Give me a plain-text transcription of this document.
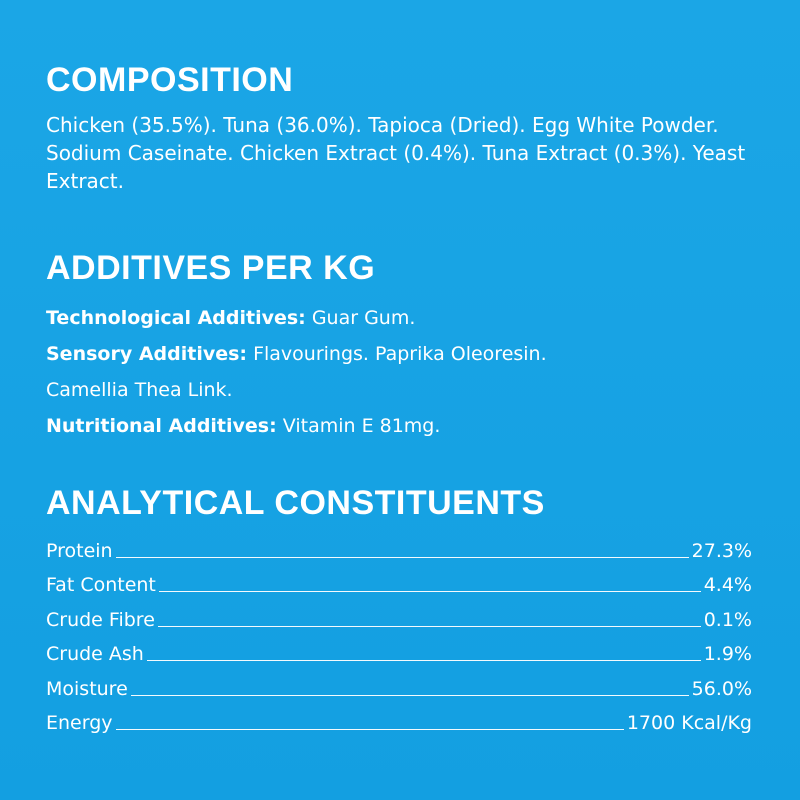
COMPOSITION

Chicken (35.5%). Tuna (36.0%). Tapioca (Dried). Egg White Powder. Sodium Caseinate. Chicken Extract (0.4%). Tuna Extract (0.3%). Yeast Extract.

ADDITIVES PER KG
Technological Additives: Guar Gum.
Sensory Additives: Flavourings. Paprika Oleoresin.
Camellia Thea Link.
Nutritional Additives: Vitamin E 81mg.
ANALYTICAL CONSTITUENTS
Protein	27.3%
Fat Content	4.4%
Crude Fibre	0.1%
Crude Ash	1.9%
Moisture	56.0%
Energy	1700 Kcal/Kg
